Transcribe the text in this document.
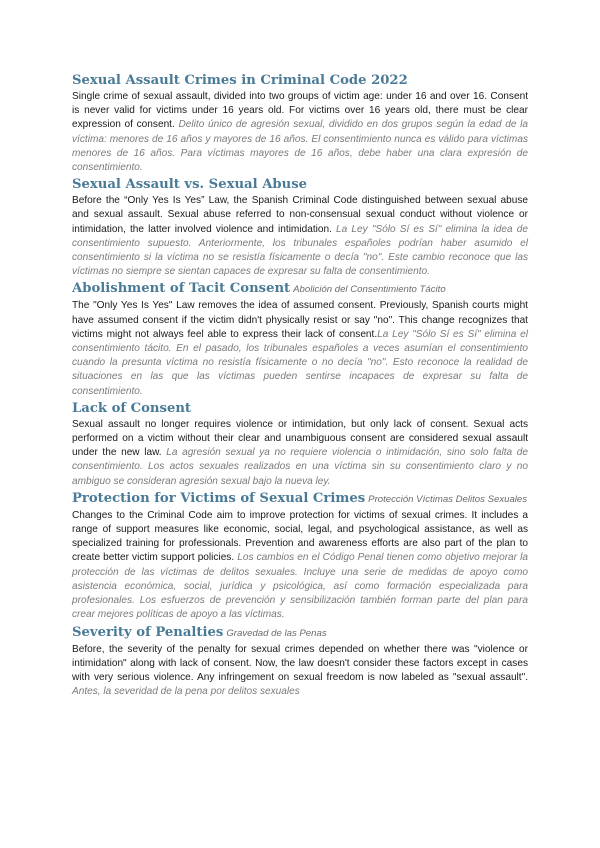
Sexual Assault Crimes in Criminal Code 2022

Single crime of sexual assault, divided into two groups of victim age: under 16 and over 16. Consent is never valid for victims under 16 years old. For victims over 16 years old, there must be clear expression of consent. Delito único de agresión sexual, dividido en dos grupos según la edad de la víctima: menores de 16 años y mayores de 16 años. El consentimiento nunca es válido para víctimas menores de 16 años. Para víctimas mayores de 16 años, debe haber una clara expresión de consentimiento.

Sexual Assault vs. Sexual Abuse

Before the “Only Yes Is Yes” Law, the Spanish Criminal Code distinguished between sexual abuse and sexual assault. Sexual abuse referred to non-consensual sexual conduct without violence or intimidation, the latter involved violence and intimidation. La Ley "Sólo Sí es Sí" elimina la idea de consentimiento supuesto. Anteriormente, los tribunales españoles podrían haber asumido el consentimiento si la víctima no se resistía físicamente o decía "no". Este cambio reconoce que las víctimas no siempre se sientan capaces de expresar su falta de consentimiento.

Abolishment of Tacit Consent Abolición del Consentimiento Tácito

The "Only Yes Is Yes" Law removes the idea of assumed consent. Previously, Spanish courts might have assumed consent if the victim didn't physically resist or say "no". This change recognizes that victims might not always feel able to express their lack of consent.La Ley "Sólo Sí es Sí" elimina el consentimiento tácito. En el pasado, los tribunales españoles a veces asumían el consentimiento cuando la presunta víctima no resistía físicamente o no decía "no". Esto reconoce la realidad de situaciones en las que las víctimas pueden sentirse incapaces de expresar su falta de consentimiento.

Lack of Consent

Sexual assault no longer requires violence or intimidation, but only lack of consent. Sexual acts performed on a victim without their clear and unambiguous consent are considered sexual assault under the new law. La agresión sexual ya no requiere violencia o intimidación, sino solo falta de consentimiento. Los actos sexuales realizados en una víctima sin su consentimiento claro y no ambiguo se consideran agresión sexual bajo la nueva ley.

Protection for Victims of Sexual Crimes Protección Víctimas Delitos Sexuales

Changes to the Criminal Code aim to improve protection for victims of sexual crimes. It includes a range of support measures like economic, social, legal, and psychological assistance, as well as specialized training for professionals. Prevention and awareness efforts are also part of the plan to create better victim support policies. Los cambios en el Código Penal tienen como objetivo mejorar la protección de las víctimas de delitos sexuales. Incluye una serie de medidas de apoyo como asistencia económica, social, jurídica y psicológica, así como formación especializada para profesionales. Los esfuerzos de prevención y sensibilización también forman parte del plan para crear mejores políticas de apoyo a las víctimas.

Severity of Penalties Gravedad de las Penas

Before, the severity of the penalty for sexual crimes depended on whether there was "violence or intimidation" along with lack of consent. Now, the law doesn't consider these factors except in cases with very serious violence. Any infringement on sexual freedom is now labeled as "sexual assault". Antes, la severidad de la pena por delitos sexuales
